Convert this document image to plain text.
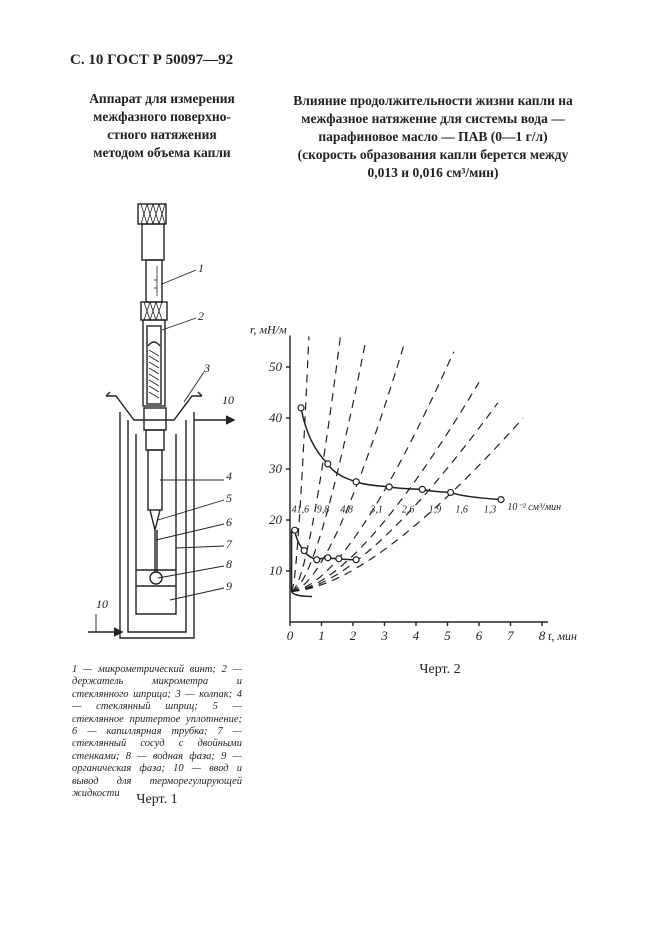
С. 10 ГОСТ Р 50097—92
Аппарат для измерения
межфазного поверхно-
стного натяжения
методом объема капли
Влияние продолжительности жизни капли на
межфазное натяжение для системы вода —
парафиновое масло — ПАВ (0—1 г/л)
(скорость образования капли берется между
0,013 и 0,016 см³/мин)
1
2
3
4
5
6
7
8
9
10
10
10
20
30
40
50
0 1 2 3 4 5 6 7 8
r, мН/м
t, мин
41,6 9,8 4,8 3,1 2,6 1,9 1,6 1,3 10⁻² см³/мин
1 — микрометрический винт; 2 — держатель микрометра и стеклянного шприца; 3 — колпак; 4 — стеклянный шприц; 5 — стеклянное притертое уплотнение; 6 — капиллярная трубка; 7 — стеклянный сосуд с двойными стенками; 8 — водная фаза; 9 — органическая фаза; 10 — ввод и вывод для терморегулирующей жидкости	Черт. 1
Черт. 2
